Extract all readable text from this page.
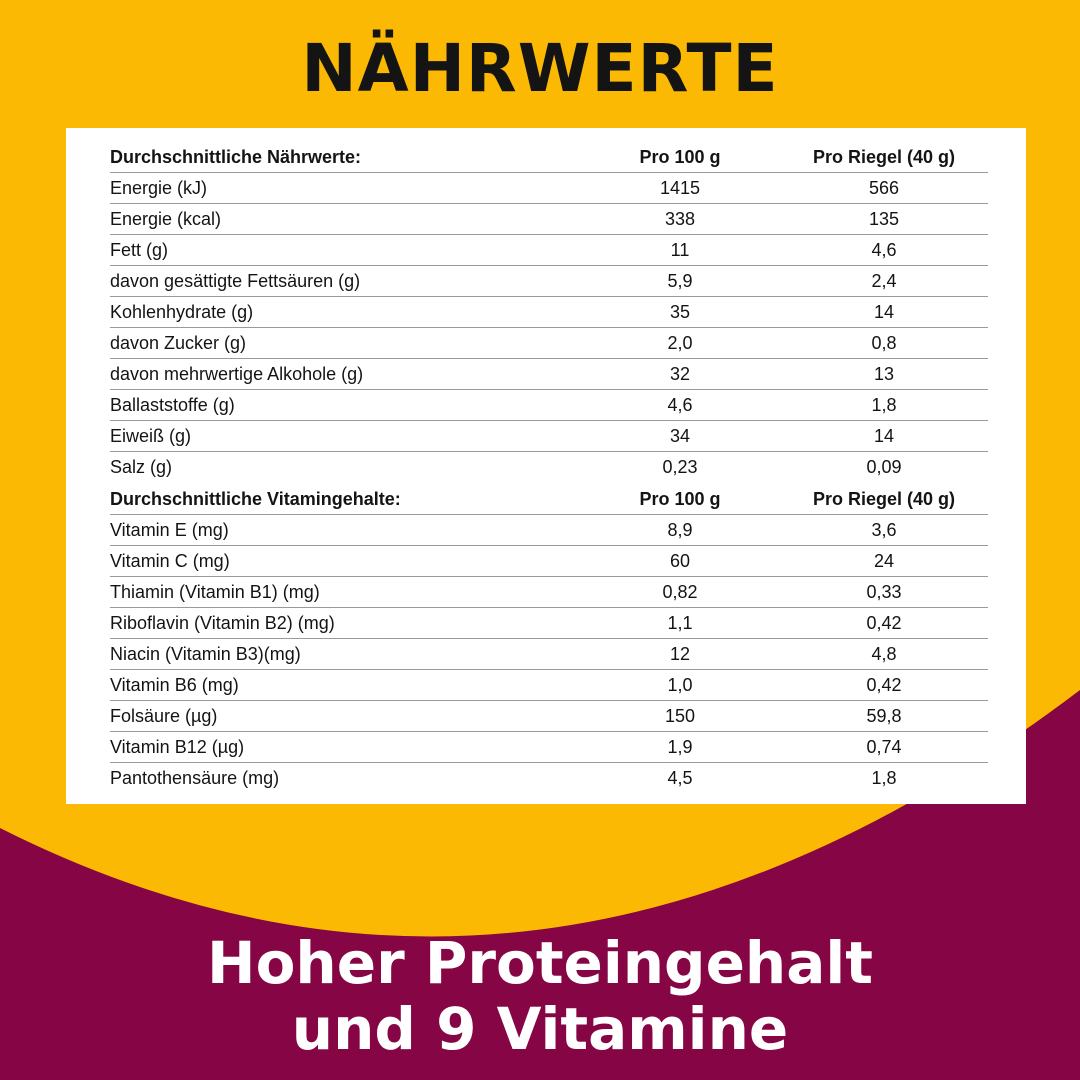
NÄHRWERTE
Durchschnittliche Nährwerte:	Pro 100 g	Pro Riegel (40 g)
Energie (kJ)	1415	566
Energie (kcal)	338	135
Fett (g)	11	4,6
davon gesättigte Fettsäuren (g)	5,9	2,4
Kohlenhydrate (g)	35	14
davon Zucker (g)	2,0	0,8
davon mehrwertige Alkohole (g)	32	13
Ballaststoffe (g)	4,6	1,8
Eiweiß (g)	34	14
Salz (g)	0,23	0,09
Durchschnittliche Vitamingehalte:	Pro 100 g	Pro Riegel (40 g)
Vitamin E (mg)	8,9	3,6
Vitamin C (mg)	60	24
Thiamin (Vitamin B1) (mg)	0,82	0,33
Riboflavin (Vitamin B2) (mg)	1,1	0,42
Niacin (Vitamin B3)(mg)	12	4,8
Vitamin B6 (mg)	1,0	0,42
Folsäure (µg)	150	59,8
Vitamin B12 (µg)	1,9	0,74
Pantothensäure (mg)	4,5	1,8
Hoher Proteingehalt
und 9 Vitamine
